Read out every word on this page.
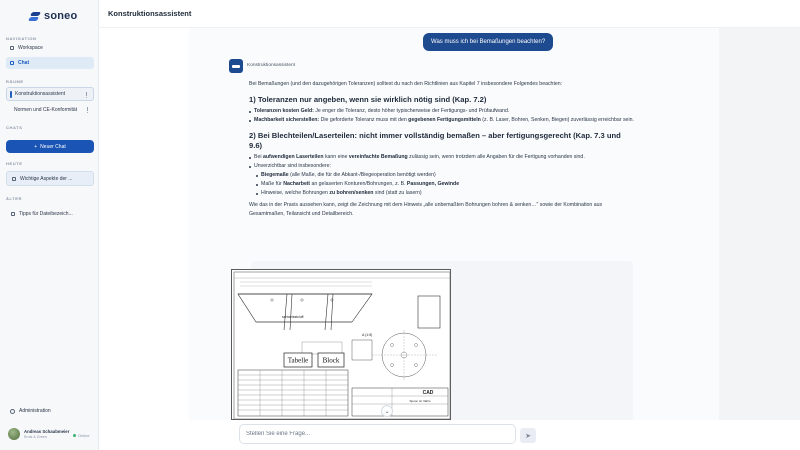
soneo
NAVIGATION
Workspace
Chat
RÄUME
Konstruktionsassistent
Normen und CE-Konformität
CHATS
+ Neuer Chat
HEUTE
Wichtige Aspekte der ...
ÄLTER
Tipps für Dateibezeich...
Administration
Andreas Schaubmeier
Ernst & Green	Online
Konstruktionsassistent
Was muss ich bei Bemaßungen beachten?
Konstruktionsassistent
Bei Bemaßungen (und den dazugehörigen Toleranzen) solltest du nach den Richtlinien aus Kapitel 7 insbesondere Folgendes beachten:
1) Toleranzen nur angeben, wenn sie wirklich nötig sind (Kap. 7.2)
Toleranzen kosten Geld: Je enger die Toleranz, desto höher typischerweise der Fertigungs- und Prüfaufwand.
Machbarkeit sicherstellen: Die geforderte Toleranz muss mit den gegebenen Fertigungsmitteln (z. B. Laser, Bohren, Senken, Biegen) zuverlässig erreichbar sein.
2) Bei Blechteilen/Laserteilen: nicht immer vollständig bemaßen – aber fertigungsgerecht (Kap. 7.3 und 9.6)
Bei aufwendigen Laserteilen kann eine vereinfachte Bemaßung zulässig sein, wenn trotzdem alle Angaben für die Fertigung vorhanden sind.
Unverzichtbar sind insbesondere:
Biegemaße (alle Maße, die für die Abkant-/Biegeoperation benötigt werden)
Maße für Nacharbeit an gelaserten Konturen/Bohrungen, z. B. Passungen, Gewinde
Hinweise, welche Bohrungen zu bohren/senken sind (statt zu lasern)
Wie das in der Praxis aussehen kann, zeigt die Zeichnung mit dem Hinweis „alle unbemaßten Bohrungen bohren & senken…" sowie der Kombination aus Gesamtmaßen, Teilansicht und Detailbereich.
Tabelle Block
schweisstcluff
A (1:5)
CAD
Spoon sir Vahrs
⌄
Stellen Sie eine Frage...
➤
